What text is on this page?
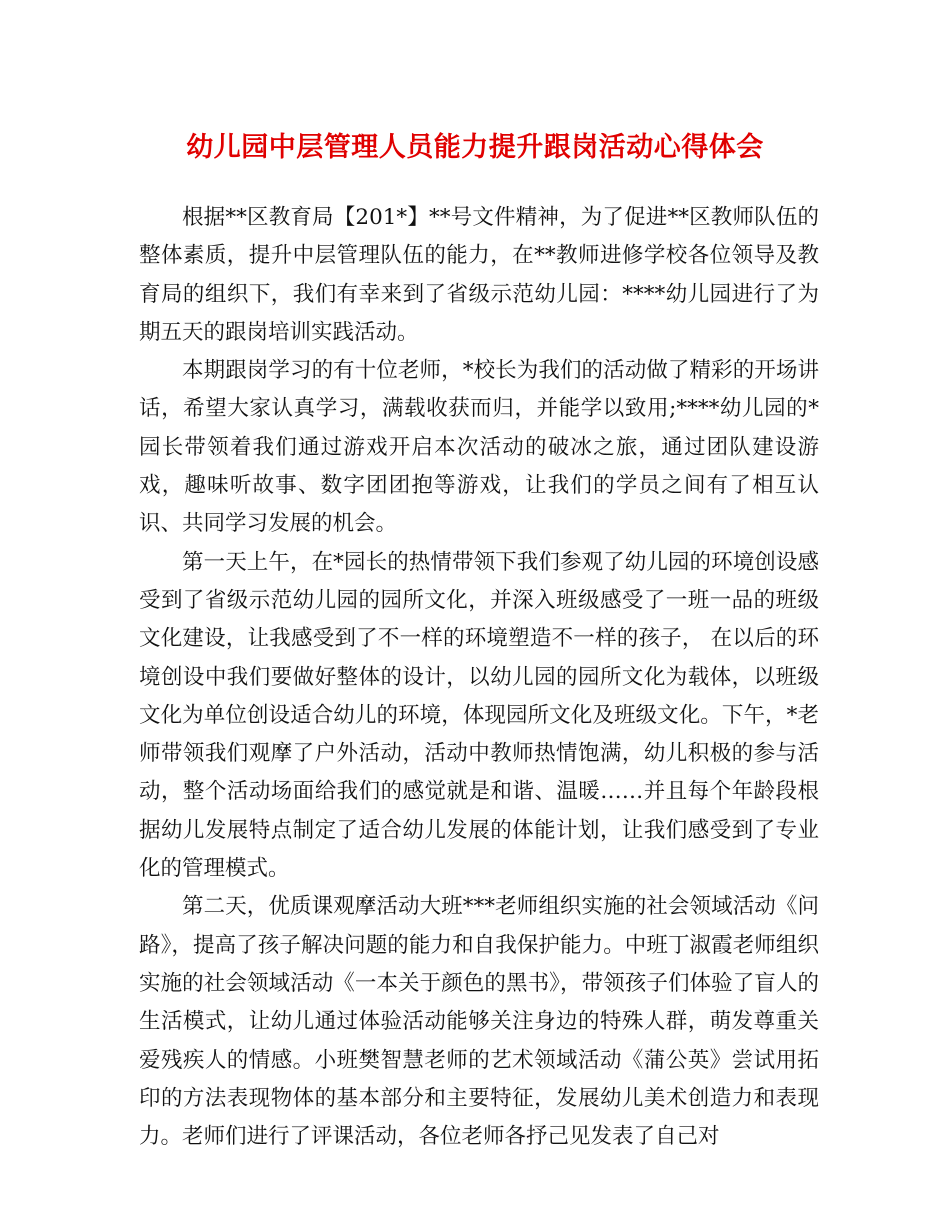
幼儿园中层管理人员能力提升跟岗活动心得体会

根据**区教育局【201*】**号文件精神，为了促进**区教师队伍的整体素质，提升中层管理队伍的能力，在**教师进修学校各位领导及教育局的组织下，我们有幸来到了省级示范幼儿园：****幼儿园进行了为期五天的跟岗培训实践活动。

本期跟岗学习的有十位老师，*校长为我们的活动做了精彩的开场讲话，希望大家认真学习，满载收获而归，并能学以致用;****幼儿园的*园长带领着我们通过游戏开启本次活动的破冰之旅，通过团队建设游戏，趣味听故事、数字团团抱等游戏，让我们的学员之间有了相互认识、共同学习发展的机会。

第一天上午，在*园长的热情带领下我们参观了幼儿园的环境创设感受到了省级示范幼儿园的园所文化，并深入班级感受了一班一品的班级文化建设，让我感受到了不一样的环境塑造不一样的孩子， 在以后的环境创设中我们要做好整体的设计，以幼儿园的园所文化为载体，以班级文化为单位创设适合幼儿的环境，体现园所文化及班级文化。下午，*老师带领我们观摩了户外活动，活动中教师热情饱满，幼儿积极的参与活动，整个活动场面给我们的感觉就是和谐、温暖……并且每个年龄段根据幼儿发展特点制定了适合幼儿发展的体能计划，让我们感受到了专业化的管理模式。

第二天，优质课观摩活动大班***老师组织实施的社会领域活动《问路》，提高了孩子解决问题的能力和自我保护能力。中班丁淑霞老师组织实施的社会领域活动《一本关于颜色的黑书》，带领孩子们体验了盲人的生活模式，让幼儿通过体验活动能够关注身边的特殊人群，萌发尊重关爱残疾人的情感。小班樊智慧老师的艺术领域活动《蒲公英》尝试用拓印的方法表现物体的基本部分和主要特征，发展幼儿美术创造力和表现力。老师们进行了评课活动，各位老师各抒己见发表了自己对
